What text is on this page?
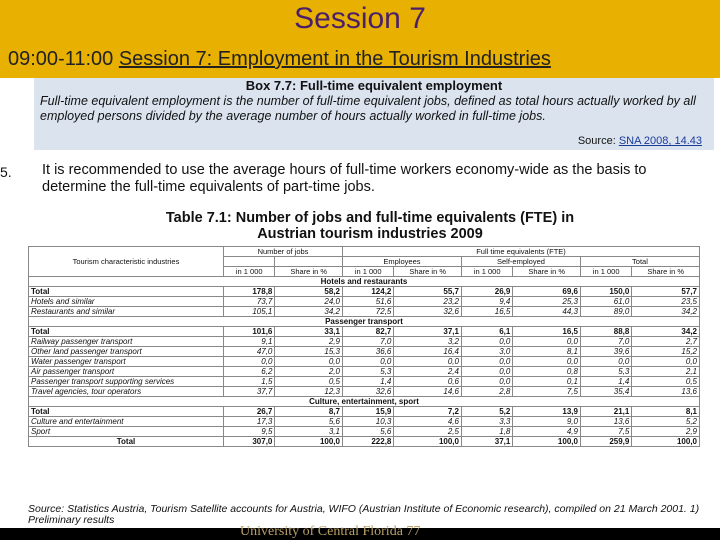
Session 7
09:00-11:00 Session 7: Employment in the Tourism Industries
Box 7.7: Full-time equivalent employment
Full-time equivalent employment is the number of full-time equivalent jobs, defined as total hours actually worked by all employed persons divided by the average number of hours actually worked in full-time jobs.
Source: SNA 2008, 14.43
5. It is recommended to use the average hours of full-time workers economy-wide as the basis to determine the full-time equivalents of part-time jobs.
Table 7.1: Number of jobs and full-time equivalents (FTE) in Austrian tourism industries 2009
Tourism characteristic industries	Number of jobs		Full time equivalents (FTE)					
			Employees		Self-employed		Total	
	in 1 000	Share in %	in 1 000	Share in %	in 1 000	Share in %	in 1 000	Share in %
Hotels and restaurants								
Total	178,8	58,2	124,2	55,7	26,9	69,6	150,0	57,7
Hotels and similar	73,7	24,0	51,6	23,2	9,4	25,3	61,0	23,5
Restaurants and similar	105,1	34,2	72,5	32,6	16,5	44,3	89,0	34,2
Passenger transport								
Total	101,6	33,1	82,7	37,1	6,1	16,5	88,8	34,2
Railway passenger transport	9,1	2,9	7,0	3,2	0,0	0,0	7,0	2,7
Other land passenger transport	47,0	15,3	36,6	16,4	3,0	8,1	39,6	15,2
Water passenger transport	0,0	0,0	0,0	0,0	0,0	0,0	0,0	0,0
Air passenger transport	6,2	2,0	5,3	2,4	0,0	0,8	5,3	2,1
Passenger transport supporting services	1,5	0,5	1,4	0,6	0,0	0,1	1,4	0,5
Travel agencies, tour operators	37,7	12,3	32,6	14,6	2,8	7,5	35,4	13,6
Culture, entertainment, sport								
Total	26,7	8,7	15,9	7,2	5,2	13,9	21,1	8,1
Culture and entertainment	17,3	5,6	10,3	4,6	3,3	9,0	13,6	5,2
Sport	9,5	3,1	5,6	2,5	1,8	4,9	7,5	2,9
Total	307,0	100,0	222,8	100,0	37,1	100,0	259,9	100,0
Source: Statistics Austria, Tourism Satellite accounts for Austria, WIFO (Austrian Institute of Economic research), compiled on 21 March 2001. 1) Preliminary results
University of Central Florida 77
